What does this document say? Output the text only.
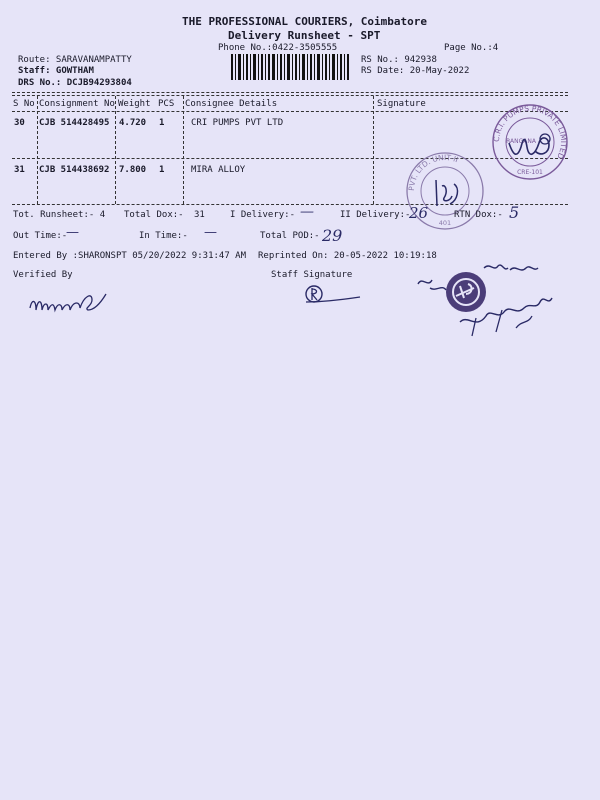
THE PROFESSIONAL COURIERS, Coimbatore
Delivery Runsheet - SPT
Phone No.:0422-3505555	Page No.:4
Route: SARAVANAMPATTY
Staff: GOWTHAM
DRS No.: DCJB94293804
RS No.: 942938
RS Date: 20-May-2022
S No Consignment No Weight PCS Consignee Details	Signature
30 CJB 514428495 4.720 1	CRI PUMPS PVT LTD
31 CJB 514438692 7.800 1	MIRA ALLOY
C.R.I. PUMPS PRIVATE LIMITED
CRE-101
RANGANA
PVT. LTD. UNIT-II
401
Tot. Runsheet:- 4 Total Dox:- 31	I Delivery:- —	II Delivery:-
26	RTN Dox:- 5
Out Time:-
—	In Time:- —	Total POD:- 29
Entered By :SHARONSPT 05/20/2022 9:31:47 AM Reprinted On: 20-05-2022 10:19:18
Verified By	Staff Signature
